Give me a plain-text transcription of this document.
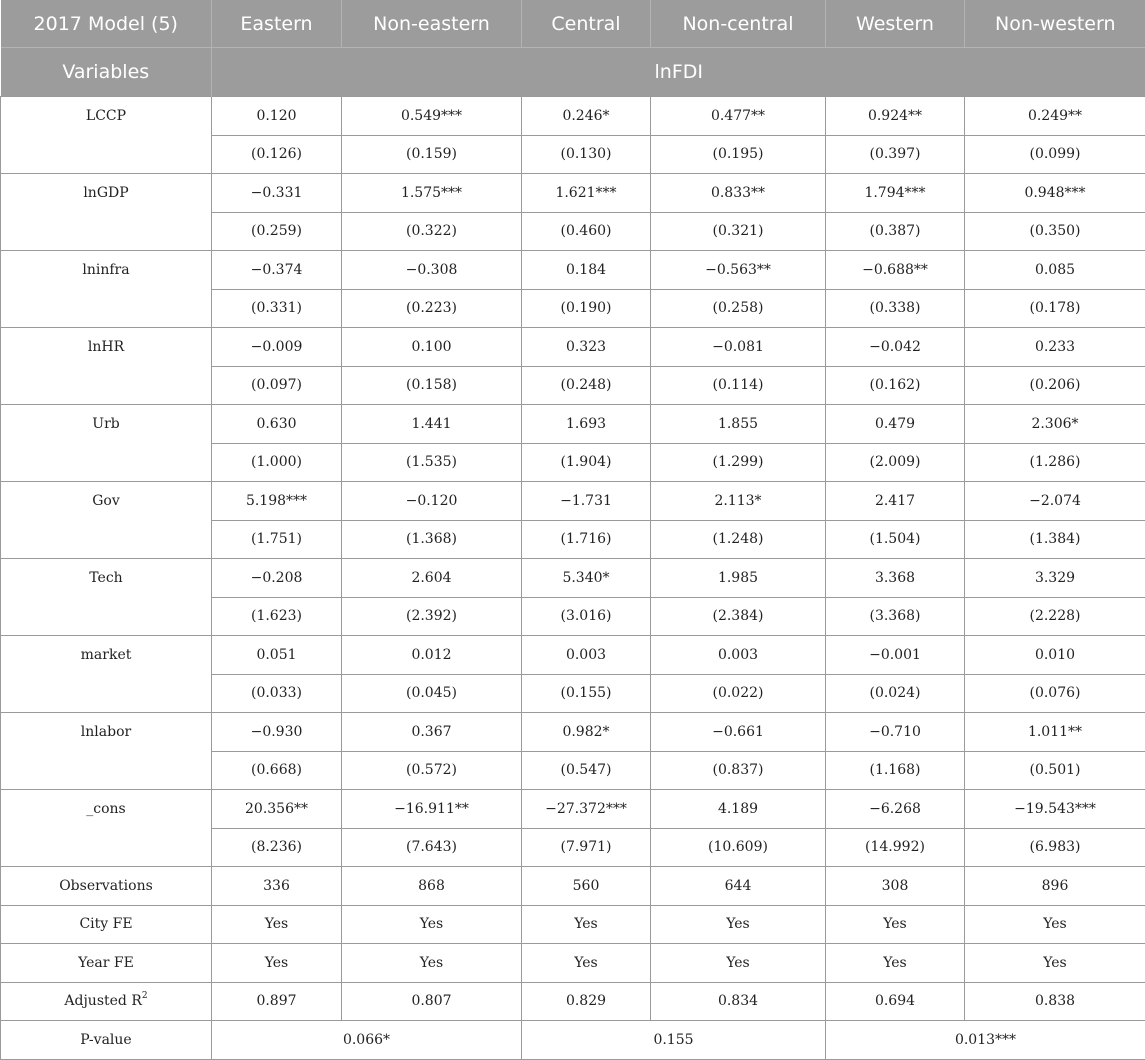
2017 Model (5)	Eastern	Non-eastern	Central	Non-central	Western	Non-western
Variables	lnFDI					
LCCP	0.120	0.549***	0.246*	0.477**	0.924**	0.249**
	(0.126)	(0.159)	(0.130)	(0.195)	(0.397)	(0.099)
lnGDP	−0.331	1.575***	1.621***	0.833**	1.794***	0.948***
	(0.259)	(0.322)	(0.460)	(0.321)	(0.387)	(0.350)
lninfra	−0.374	−0.308	0.184	−0.563**	−0.688**	0.085
	(0.331)	(0.223)	(0.190)	(0.258)	(0.338)	(0.178)
lnHR	−0.009	0.100	0.323	−0.081	−0.042	0.233
	(0.097)	(0.158)	(0.248)	(0.114)	(0.162)	(0.206)
Urb	0.630	1.441	1.693	1.855	0.479	2.306*
	(1.000)	(1.535)	(1.904)	(1.299)	(2.009)	(1.286)
Gov	5.198***	−0.120	−1.731	2.113*	2.417	−2.074
	(1.751)	(1.368)	(1.716)	(1.248)	(1.504)	(1.384)
Tech	−0.208	2.604	5.340*	1.985	3.368	3.329
	(1.623)	(2.392)	(3.016)	(2.384)	(3.368)	(2.228)
market	0.051	0.012	0.003	0.003	−0.001	0.010
	(0.033)	(0.045)	(0.155)	(0.022)	(0.024)	(0.076)
lnlabor	−0.930	0.367	0.982*	−0.661	−0.710	1.011**
	(0.668)	(0.572)	(0.547)	(0.837)	(1.168)	(0.501)
_cons	20.356**	−16.911**	−27.372***	4.189	−6.268	−19.543***
	(8.236)	(7.643)	(7.971)	(10.609)	(14.992)	(6.983)
Observations	336	868	560	644	308	896
City FE	Yes	Yes	Yes	Yes	Yes	Yes
Year FE	Yes	Yes	Yes	Yes	Yes	Yes
Adjusted $R^2$	0.897	0.807	0.829	0.834	0.694	0.838
P-value	0.066*		0.155		0.013***	
